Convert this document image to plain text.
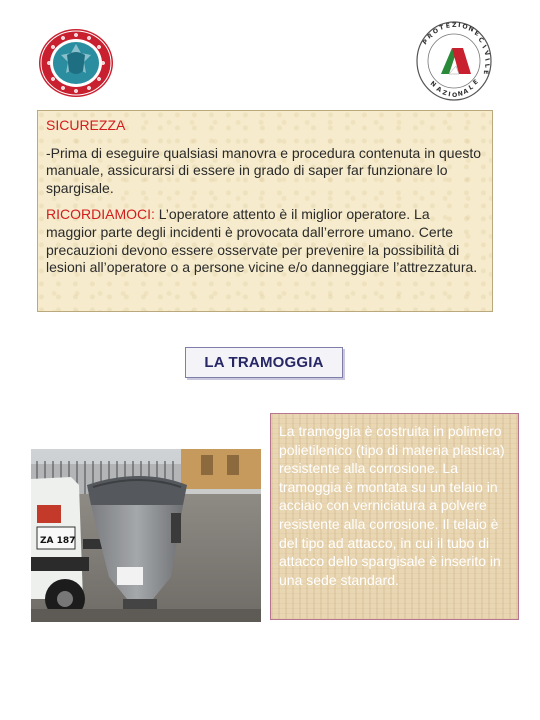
P
R
O T E Z I O N
E
C
I
V
I
L
E
N
A
Z I O N A
L
E
SICUREZZA

-Prima di eseguire qualsiasi manovra e procedura contenuta in questo manuale, assicurarsi di essere in grado di saper far funzionare lo spargisale.

RICORDIAMOCI: L’operatore attento è il miglior operatore. La maggior parte degli incidenti è provocata dall’errore umano. Certe precauzioni devono essere osservate per prevenire la possibilità di lesioni all’operatore o a persone vicine e/o danneggiare l’attrezzatura.

LA TRAMOGGIA
ZA 187

La tramoggia è costruita in polimero polietilenico (tipo di materia plastica) resistente alla corrosione. La tramoggia è montata su un telaio in acciaio con verniciatura a polvere resistente alla corrosione. Il telaio è del tipo ad attacco, in cui il tubo di attacco dello spargisale è inserito in una sede standard.
